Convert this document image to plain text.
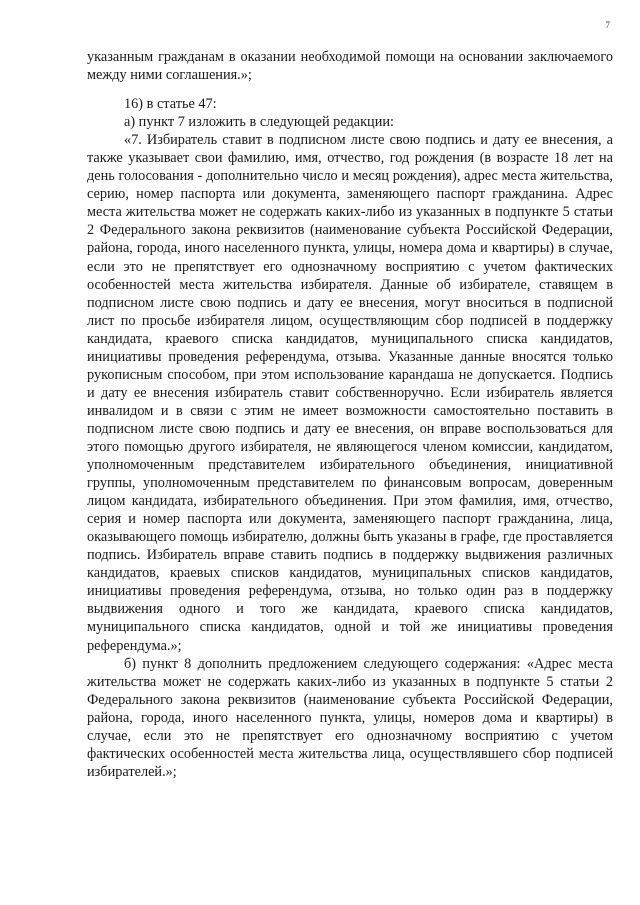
7

указанным гражданам в оказании необходимой помощи на основании заключаемого между ними соглашения.»;

16) в статье 47:

а) пункт 7 изложить в следующей редакции:

«7. Избиратель ставит в подписном листе свою подпись и дату ее внесения, а также указывает свои фамилию, имя, отчество, год рождения (в возрасте 18 лет на день голосования - дополнительно число и месяц рождения), адрес места жительства, серию, номер паспорта или документа, заменяющего паспорт гражданина. Адрес места жительства может не содержать каких-либо из указанных в подпункте 5 статьи 2 Федерального закона реквизитов (наименование субъекта Российской Федерации, района, города, иного населенного пункта, улицы, номера дома и квартиры) в случае, если это не препятствует его однозначному восприятию с учетом фактических особенностей места жительства избирателя. Данные об избирателе, ставящем в подписном листе свою подпись и дату ее внесения, могут вноситься в подписной лист по просьбе избирателя лицом, осуществляющим сбор подписей в поддержку кандидата, краевого списка кандидатов, муниципального списка кандидатов, инициативы проведения референдума, отзыва. Указанные данные вносятся только рукописным способом, при этом использование карандаша не допускается. Подпись и дату ее внесения избиратель ставит собственноручно. Если избиратель является инвалидом и в связи с этим не имеет возможности самостоятельно поставить в подписном листе свою подпись и дату ее внесения, он вправе воспользоваться для этого помощью другого избирателя, не являющегося членом комиссии, кандидатом, уполномоченным представителем избирательного объединения, инициативной группы, уполномоченным представителем по финансовым вопросам, доверенным лицом кандидата, избирательного объединения. При этом фамилия, имя, отчество, серия и номер паспорта или документа, заменяющего паспорт гражданина, лица, оказывающего помощь избирателю, должны быть указаны в графе, где проставляется подпись. Избиратель вправе ставить подпись в поддержку выдвижения различных кандидатов, краевых списков кандидатов, муниципальных списков кандидатов, инициативы проведения референдума, отзыва, но только один раз в поддержку выдвижения одного и того же кандидата, краевого списка кандидатов, муниципального списка кандидатов, одной и той же инициативы проведения референдума.»;

б) пункт 8 дополнить предложением следующего содержания: «Адрес места жительства может не содержать каких-либо из указанных в подпункте 5 статьи 2 Федерального закона реквизитов (наименование субъекта Российской Федерации, района, города, иного населенного пункта, улицы, номеров дома и квартиры) в случае, если это не препятствует его однозначному восприятию с учетом фактических особенностей места жительства лица, осуществлявшего сбор подписей избирателей.»;
